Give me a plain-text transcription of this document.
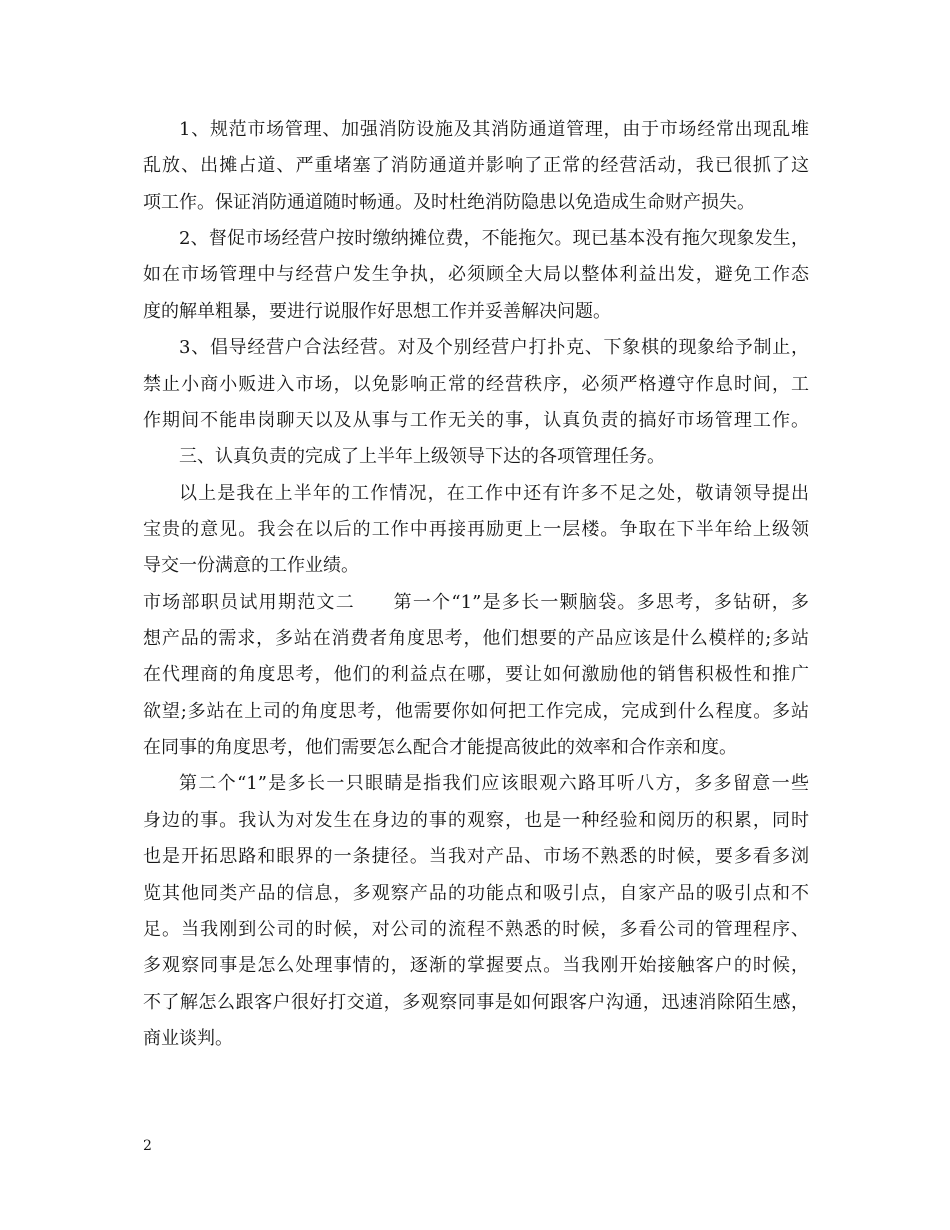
1、规范市场管理、加强消防设施及其消防通道管理，由于市场经常出现乱堆
乱放、出摊占道、严重堵塞了消防通道并影响了正常的经营活动，我已很抓了这
项工作。保证消防通道随时畅通。及时杜绝消防隐患以免造成生命财产损失。
2、督促市场经营户按时缴纳摊位费，不能拖欠。现已基本没有拖欠现象发生，
如在市场管理中与经营户发生争执，必须顾全大局以整体利益出发，避免工作态
度的解单粗暴，要进行说服作好思想工作并妥善解决问题。
3、倡导经营户合法经营。对及个别经营户打扑克、下象棋的现象给予制止，
禁止小商小贩进入市场，以免影响正常的经营秩序，必须严格遵守作息时间，工
作期间不能串岗聊天以及从事与工作无关的事，认真负责的搞好市场管理工作。
三、认真负责的完成了上半年上级领导下达的各项管理任务。
以上是我在上半年的工作情况，在工作中还有许多不足之处，敬请领导提出
宝贵的意见。我会在以后的工作中再接再励更上一层楼。争取在下半年给上级领
导交一份满意的工作业绩。
市场部职员试用期范文二　　第一个“1”是多长一颗脑袋。多思考，多钻研，多
想产品的需求，多站在消费者角度思考，他们想要的产品应该是什么模样的;多站
在代理商的角度思考，他们的利益点在哪，要让如何激励他的销售积极性和推广
欲望;多站在上司的角度思考，他需要你如何把工作完成，完成到什么程度。多站
在同事的角度思考，他们需要怎么配合才能提高彼此的效率和合作亲和度。
第二个“1”是多长一只眼睛是指我们应该眼观六路耳听八方，多多留意一些
身边的事。我认为对发生在身边的事的观察，也是一种经验和阅历的积累，同时
也是开拓思路和眼界的一条捷径。当我对产品、市场不熟悉的时候，要多看多浏
览其他同类产品的信息，多观察产品的功能点和吸引点，自家产品的吸引点和不
足。当我刚到公司的时候，对公司的流程不熟悉的时候，多看公司的管理程序、
多观察同事是怎么处理事情的，逐渐的掌握要点。当我刚开始接触客户的时候，
不了解怎么跟客户很好打交道，多观察同事是如何跟客户沟通，迅速消除陌生感，
商业谈判。
2
